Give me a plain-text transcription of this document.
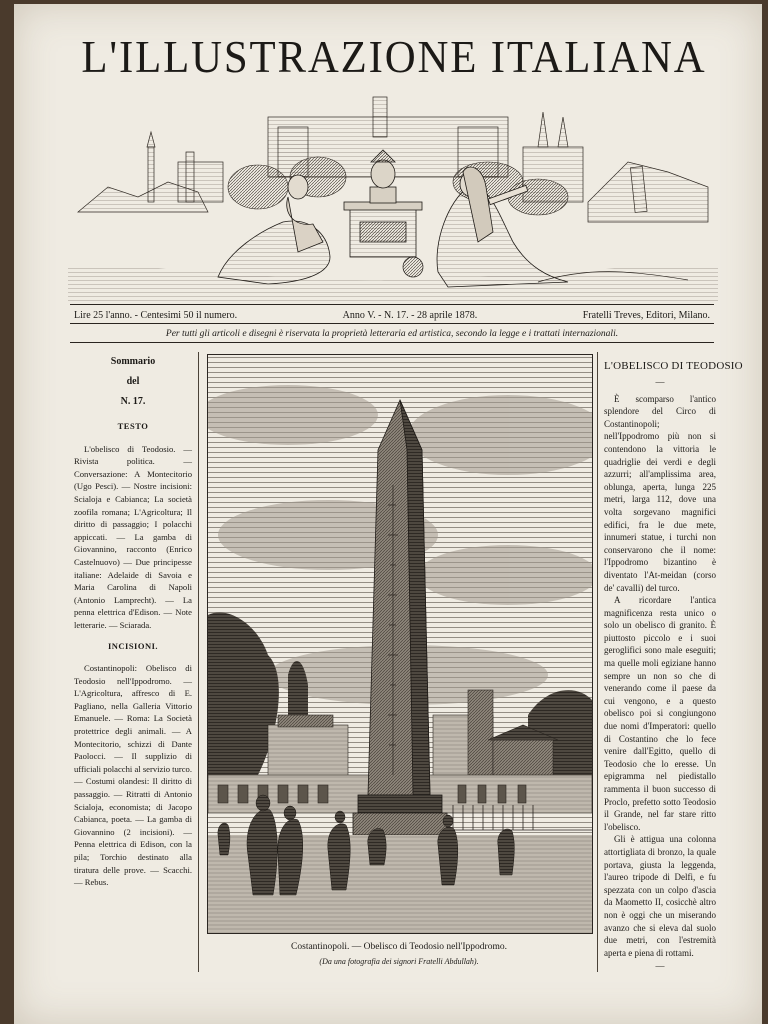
L'ILLUSTRAZIONE ITALIANA
Lire 25 l'anno. - Centesimi 50 il numero.	Anno V. - N. 17. - 28 aprile 1878.	Fratelli Treves, Editori, Milano.
Per tutti gli articoli e disegni è riservata la proprietà letteraria ed artistica, secondo la legge e i trattati internazionali.
Sommario
del
N. 17.
TESTO

L'obelisco di Teodosio. — Rivista politica. — Conversazione: A Montecitorio (Ugo Pesci). — Nostre incisioni: Scialoja e Cabianca; La società zoofila romana; L'Agricoltura; Il diritto di passaggio; I polacchi appiccati. — La gamba di Giovannino, racconto (Enrico Castelnuovo) — Due principesse italiane: Adelaide di Savoia e Maria Carolina di Napoli (Antonio Lamprecht). — La penna elettrica d'Edison. — Note letterarie. — Sciarada.

INCISIONI.

Costantinopoli: Obelisco di Teodosio nell'Ippodromo. — L'Agricoltura, affresco di E. Pagliano, nella Galleria Vittorio Emanuele. — Roma: La Società protettrice degli animali. — A Montecitorio, schizzi di Dante Paolocci. — Il supplizio di ufficiali polacchi al servizio turco. — Costumi olandesi: Il diritto di passaggio. — Ritratti di Antonio Scialoja, economista; di Jacopo Cabianca, poeta. — La gamba di Giovannino (2 incisioni). — Penna elettrica di Edison, con la pila; Torchio destinato alla tiratura delle prove. — Scacchi. — Rebus.

Costantinopoli. — Obelisco di Teodosio nell'Ippodromo.
(Da una fotografia dei signori Fratelli Abdullah).
L'OBELISCO DI TEODOSIO
—

È scomparso l'antico splendore del Circo di Costantinopoli; nell'Ippodromo più non si contendono la vittoria le quadriglie dei verdi e degli azzurri; all'amplissima area, oblunga, aperta, lunga 225 metri, larga 112, dove una volta sorgevano magnifici edifici, fra le due mete, innumeri statue, i turchi non conservarono che il nome: l'Ippodromo bizantino è diventato l'At-meidan (corso de' cavalli) del turco.

A ricordare l'antica magnificenza resta unico o solo un obelisco di granito. È piuttosto piccolo e i suoi geroglifici sono male eseguiti; ma quelle moli egiziane hanno sempre un non so che di venerando come il paese da cui vengono, e a questo obelisco poi si congiungono due nomi d'Imperatori: quello di Costantino che lo fece venire dall'Egitto, quello di Teodosio che lo eresse. Un epigramma nel piedistallo rammenta il buon successo di Proclo, prefetto sotto Teodosio il Grande, nel far stare ritto l'obelisco.

Gli è attigua una colonna attortigliata di bronzo, la quale portava, giusta la leggenda, l'aureo tripode di Delfi, e fu spezzata con un colpo d'ascia da Maometto II, cosicchè altro non è oggi che un miserando avanzo che si eleva dal suolo due metri, con l'estremità aperta e piena di rottami.

—
